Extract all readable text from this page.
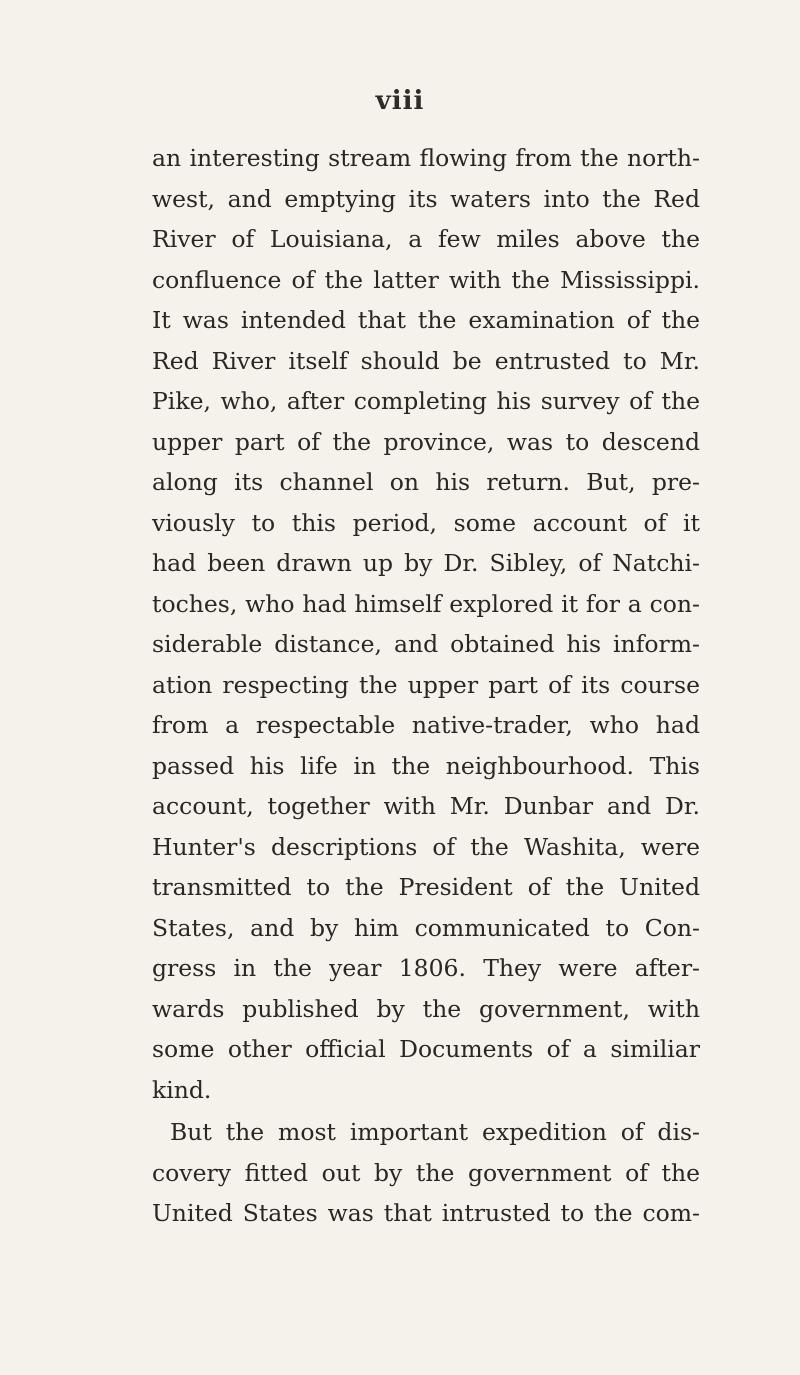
viii
an interesting stream flowing from the north-
west, and emptying its waters into the Red
River of Louisiana, a few miles above the
confluence of the latter with the Mississippi.
It was intended that the examination of the
Red River itself should be entrusted to Mr.
Pike, who, after completing his survey of the
upper part of the province, was to descend
along its channel on his return. But, pre-
viously to this period, some account of it
had been drawn up by Dr. Sibley, of Natchi-
toches, who had himself explored it for a con-
siderable distance, and obtained his inform-
ation respecting the upper part of its course
from a respectable native-trader, who had
passed his life in the neighbourhood. This
account, together with Mr. Dunbar and Dr.
Hunter's descriptions of the Washita, were
transmitted to the President of the United
States, and by him communicated to Con-
gress in the year 1806. They were after-
wards published by the government, with
some other official Documents of a similiar
kind.
But the most important expedition of dis-
covery fitted out by the government of the
United States was that intrusted to the com-
